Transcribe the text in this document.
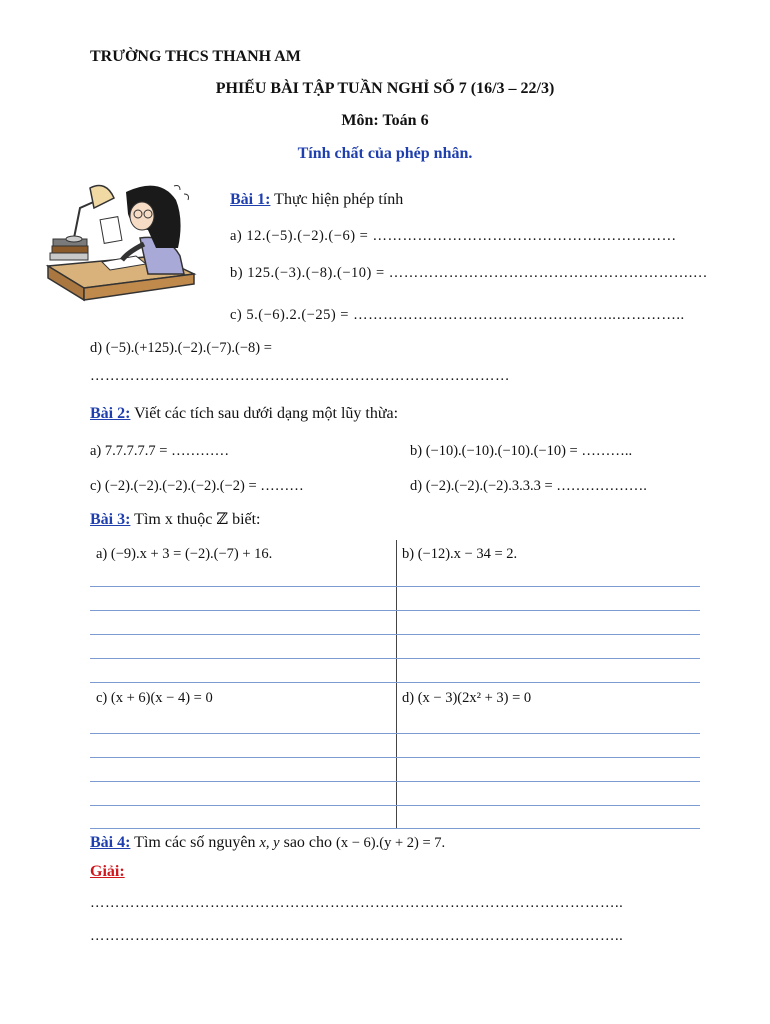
TRƯỜNG THCS THANH AM
PHIẾU BÀI TẬP TUẦN NGHỈ SỐ 7 (16/3 – 22/3)
Môn: Toán 6
Tính chất của phép nhân.
Bài 1: Thực hiện phép tính
a) 12.(−5).(−2).(−6) = ……………………………………….……………
b) 125.(−3).(−8).(−10) = …………………………………………………….…
c) 5.(−6).2.(−25) = ……………………………………………..…………..
d) (−5).(+125).(−2).(−7).(−8) =
…………………………………………………………………………
Bài 2: Viết các tích sau dưới dạng một lũy thừa:
a) 7.7.7.7.7 = …………	b) (−10).(−10).(−10).(−10) = ………..
c) (−2).(−2).(−2).(−2).(−2) = ………	d) (−2).(−2).(−2).3.3.3 = ……………….
Bài 3: Tìm x thuộc ℤ biết:
a) (−9).x + 3 = (−2).(−7) + 16.	b) (−12).x − 34 = 2.
c) (x + 6)(x − 4) = 0	d) (x − 3)(2x² + 3) = 0
Bài 4: Tìm các số nguyên x, y sao cho (x − 6).(y + 2) = 7.
Giải:
……………………………………………………………………………………………..
……………………………………………………………………………………………..
